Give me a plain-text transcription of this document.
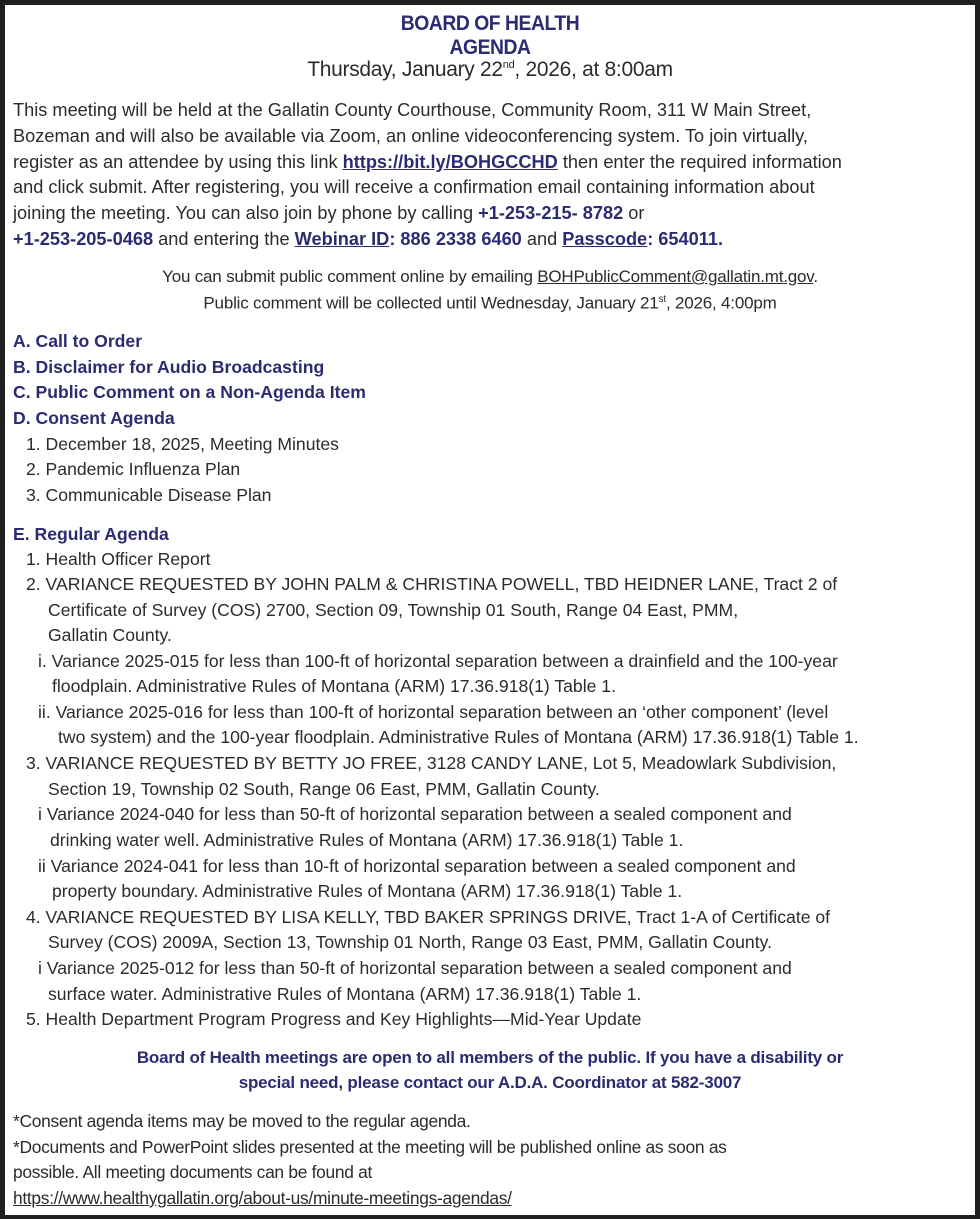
BOARD OF HEALTH
AGENDA
Thursday, January 22nd, 2026, at 8:00am
This meeting will be held at the Gallatin County Courthouse, Community Room, 311 W Main Street,
Bozeman and will also be available via Zoom, an online videoconferencing system. To join virtually,
register as an attendee by using this link https://bit.ly/BOHGCCHD then enter the required information
and click submit. After registering, you will receive a confirmation email containing information about
joining the meeting. You can also join by phone by calling +1-253-215- 8782 or
+1-253-205-0468 and entering the Webinar ID: 886 2338 6460 and Passcode: 654011.
You can submit public comment online by emailing BOHPublicComment@gallatin.mt.gov.
Public comment will be collected until Wednesday, January 21st, 2026, 4:00pm
A. Call to Order
B. Disclaimer for Audio Broadcasting
C. Public Comment on a Non-Agenda Item
D. Consent Agenda
1. December 18, 2025, Meeting Minutes
2. Pandemic Influenza Plan
3. Communicable Disease Plan
E. Regular Agenda
1. Health Officer Report
2. VARIANCE REQUESTED BY JOHN PALM & CHRISTINA POWELL, TBD HEIDNER LANE, Tract 2 of
Certificate of Survey (COS) 2700, Section 09, Township 01 South, Range 04 East, PMM,
Gallatin County.
i. Variance 2025-015 for less than 100-ft of horizontal separation between a drainfield and the 100-year
floodplain. Administrative Rules of Montana (ARM) 17.36.918(1) Table 1.
ii. Variance 2025-016 for less than 100-ft of horizontal separation between an ‘other component’ (level
two system) and the 100-year floodplain. Administrative Rules of Montana (ARM) 17.36.918(1) Table 1.
3. VARIANCE REQUESTED BY BETTY JO FREE, 3128 CANDY LANE, Lot 5, Meadowlark Subdivision,
Section 19, Township 02 South, Range 06 East, PMM, Gallatin County.
i Variance 2024-040 for less than 50-ft of horizontal separation between a sealed component and
drinking water well. Administrative Rules of Montana (ARM) 17.36.918(1) Table 1.
ii Variance 2024-041 for less than 10-ft of horizontal separation between a sealed component and
property boundary. Administrative Rules of Montana (ARM) 17.36.918(1) Table 1.
4. VARIANCE REQUESTED BY LISA KELLY, TBD BAKER SPRINGS DRIVE, Tract 1-A of Certificate of
Survey (COS) 2009A, Section 13, Township 01 North, Range 03 East, PMM, Gallatin County.
i Variance 2025-012 for less than 50-ft of horizontal separation between a sealed component and
surface water. Administrative Rules of Montana (ARM) 17.36.918(1) Table 1.
5. Health Department Program Progress and Key Highlights—Mid-Year Update
Board of Health meetings are open to all members of the public. If you have a disability or
special need, please contact our A.D.A. Coordinator at 582-3007
*Consent agenda items may be moved to the regular agenda.
*Documents and PowerPoint slides presented at the meeting will be published online as soon as
possible. All meeting documents can be found at
https://www.healthygallatin.org/about-us/minute-meetings-agendas/
